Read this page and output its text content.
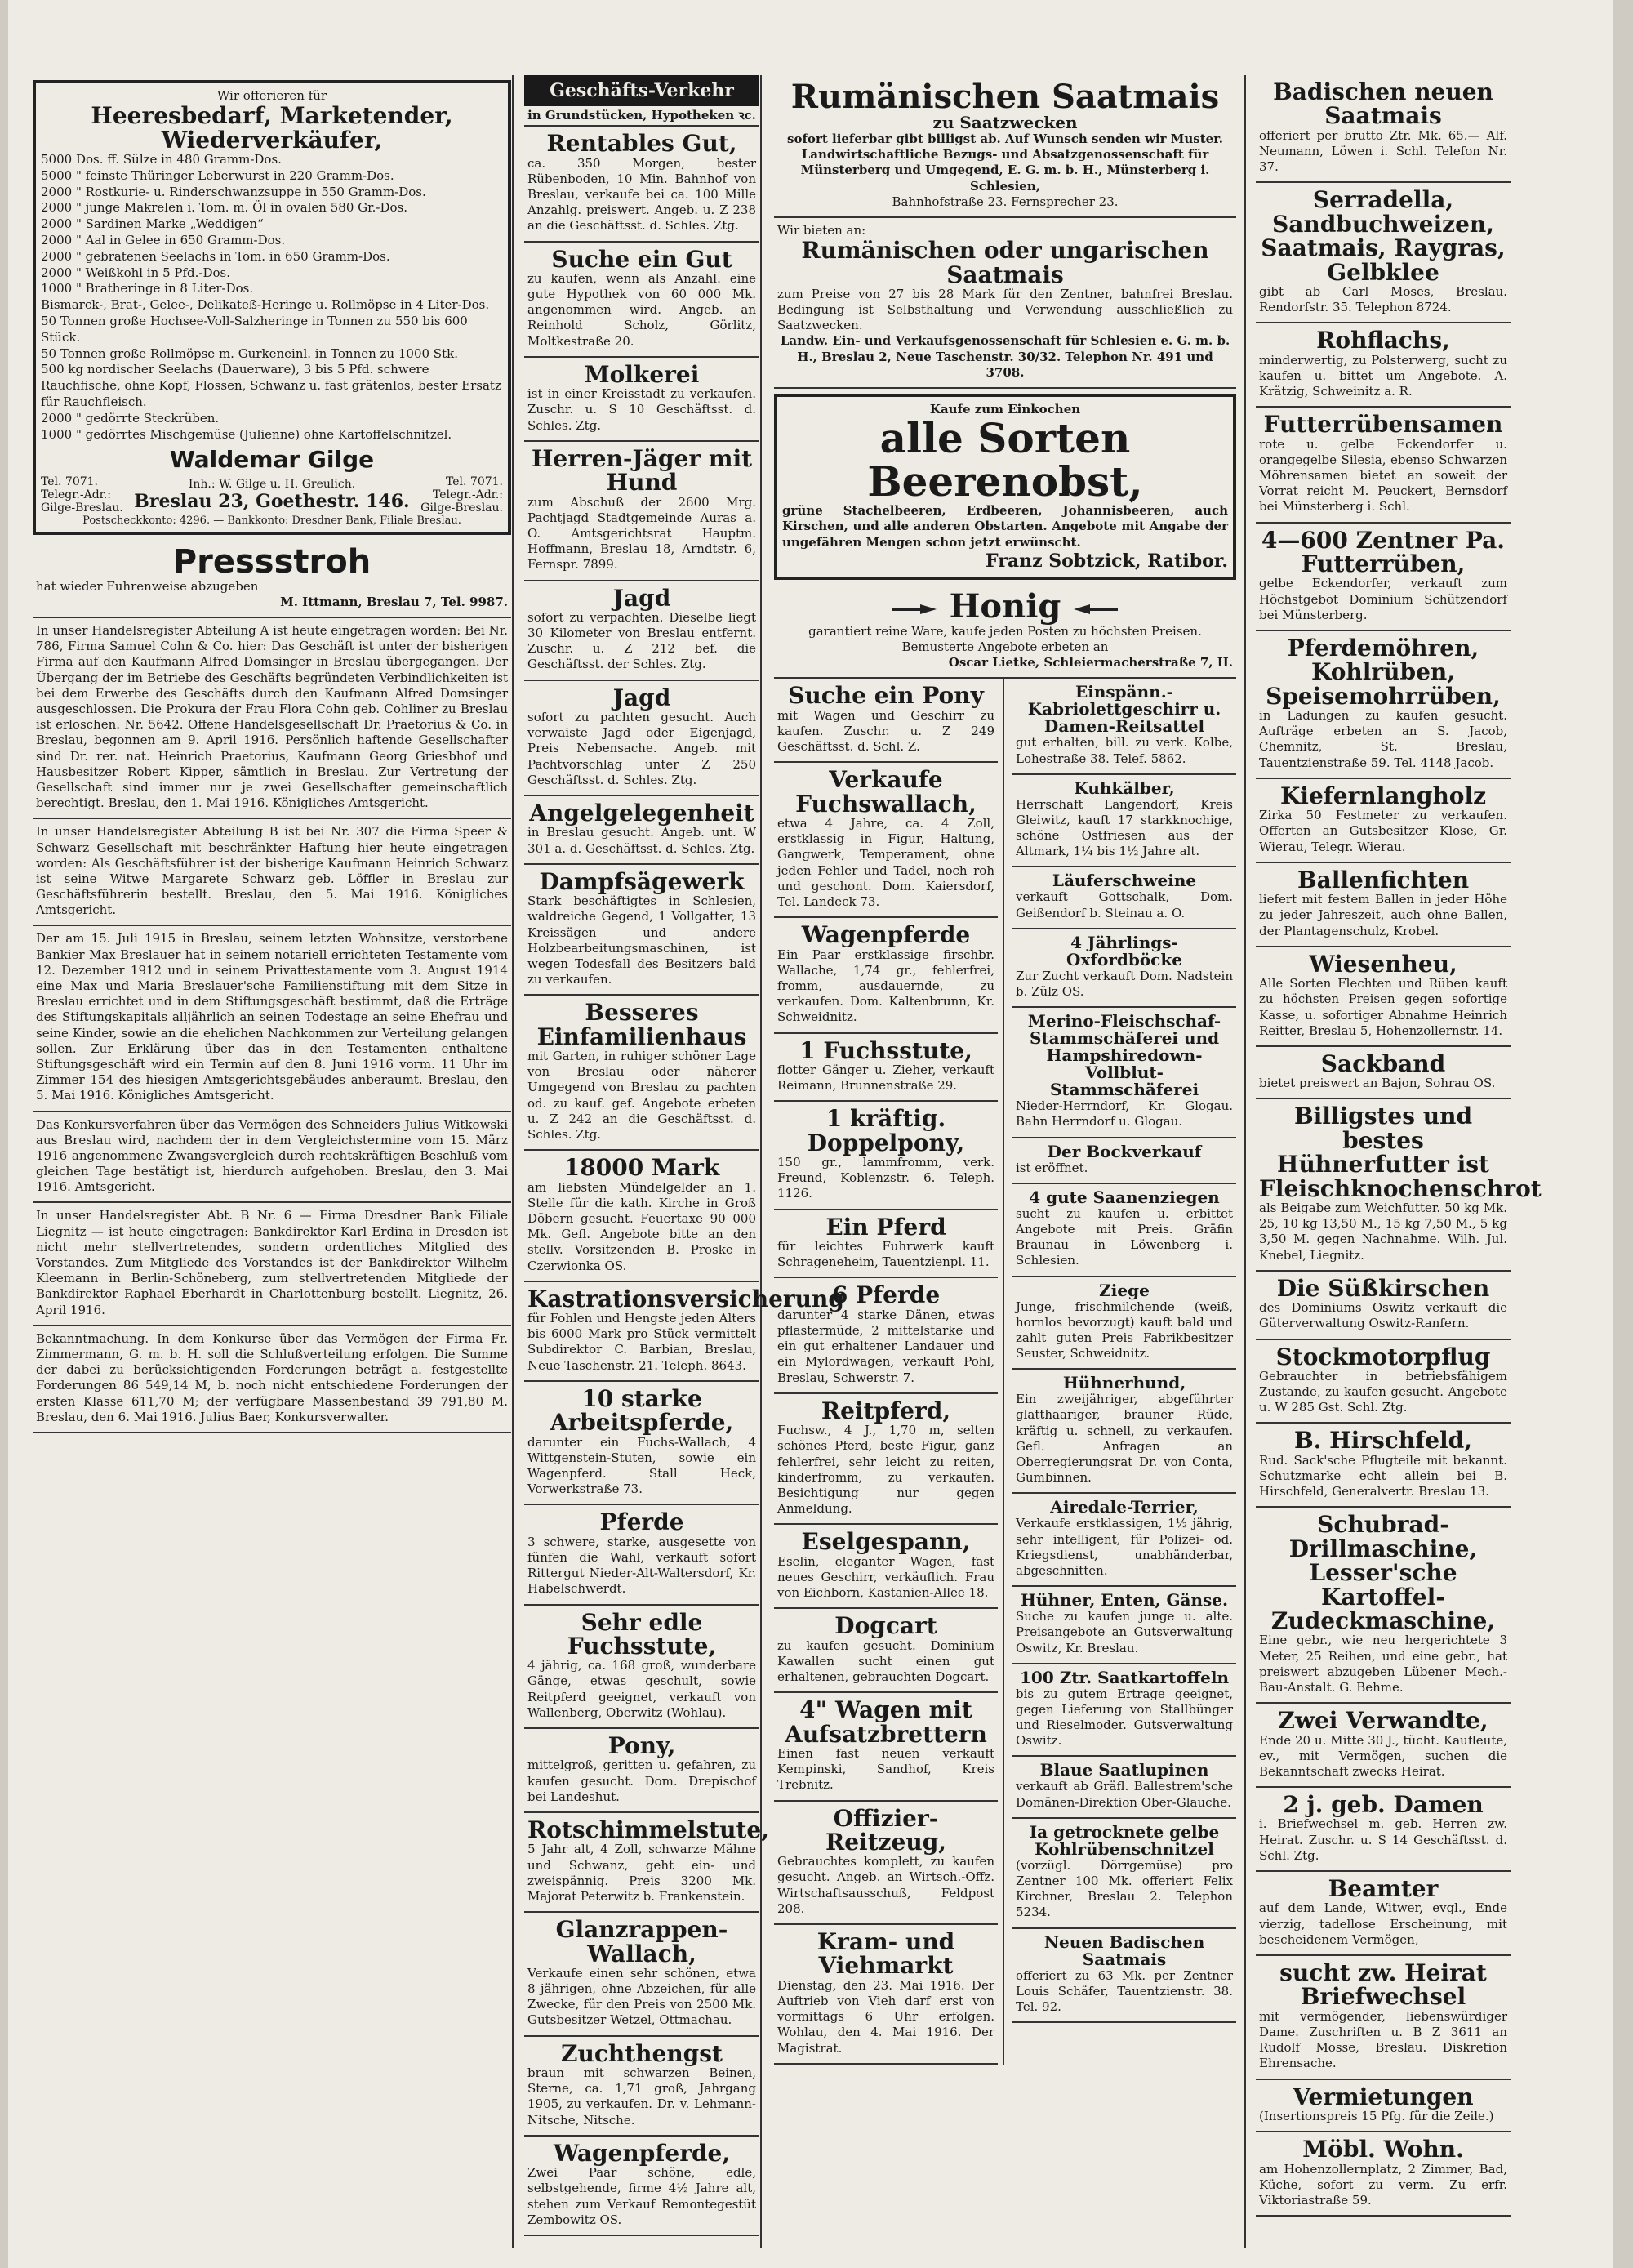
Wir offerieren für
Heeresbedarf, Marketender, Wiederverkäufer,
5000 Dos. ff. Sülze in 480 Gramm-Dos.
5000 " feinste Thüringer Leberwurst in 220 Gramm-Dos.
2000 " Rostkurie- u. Rinderschwanzsuppe in 550 Gramm-Dos.
2000 " junge Makrelen i. Tom. m. Öl in ovalen 580 Gr.-Dos.
2000 " Sardinen Marke „Weddigen“
2000 " Aal in Gelee in 650 Gramm-Dos.
2000 " gebratenen Seelachs in Tom. in 650 Gramm-Dos.
2000 " Weißkohl in 5 Pfd.-Dos.
1000 " Bratheringe in 8 Liter-Dos.
Bismarck-, Brat-, Gelee-, Delikateß-Heringe u. Rollmöpse in 4 Liter-Dos.
50 Tonnen große Hochsee-Voll-Salzheringe in Tonnen zu 550 bis 600 Stück.
50 Tonnen große Rollmöpse m. Gurkeneinl. in Tonnen zu 1000 Stk.
500 kg nordischer Seelachs (Dauerware), 3 bis 5 Pfd. schwere Rauchfische, ohne Kopf, Flossen, Schwanz u. fast grätenlos, bester Ersatz für Rauchfleisch.
2000 " gedörrte Steckrüben.
1000 " gedörrtes Mischgemüse (Julienne) ohne Kartoffelschnitzel.
Waldemar Gilge
Tel. 7071. Telegr.-Adr.: Gilge-Breslau.
Inh.: W. Gilge u. H. Greulich.
Breslau 23, Goethestr. 146.
Tel. 7071. Telegr.-Adr.: Gilge-Breslau.
Postscheckkonto: 4296. — Bankkonto: Dresdner Bank, Filiale Breslau.
Pressstroh
hat wieder Fuhrenweise abzugeben
M. Ittmann, Breslau 7, Tel. 9987.
In unser Handelsregister Abteilung A ist heute eingetragen worden: Bei Nr. 786, Firma Samuel Cohn & Co. hier: Das Geschäft ist unter der bisherigen Firma auf den Kaufmann Alfred Domsinger in Breslau übergegangen. Der Übergang der im Betriebe des Geschäfts begründeten Verbindlichkeiten ist bei dem Erwerbe des Geschäfts durch den Kaufmann Alfred Domsinger ausgeschlossen. Die Prokura der Frau Flora Cohn geb. Cohliner zu Breslau ist erloschen. Nr. 5642. Offene Handelsgesellschaft Dr. Praetorius & Co. in Breslau, begonnen am 9. April 1916. Persönlich haftende Gesellschafter sind Dr. rer. nat. Heinrich Praetorius, Kaufmann Georg Griesbhof und Hausbesitzer Robert Kipper, sämtlich in Breslau. Zur Vertretung der Gesellschaft sind immer nur je zwei Gesellschafter gemeinschaftlich berechtigt. Breslau, den 1. Mai 1916. Königliches Amtsgericht.
In unser Handelsregister Abteilung B ist bei Nr. 307 die Firma Speer & Schwarz Gesellschaft mit beschränkter Haftung hier heute eingetragen worden: Als Geschäftsführer ist der bisherige Kaufmann Heinrich Schwarz ist seine Witwe Margarete Schwarz geb. Löffler in Breslau zur Geschäftsführerin bestellt. Breslau, den 5. Mai 1916. Königliches Amtsgericht.
Der am 15. Juli 1915 in Breslau, seinem letzten Wohnsitze, verstorbene Bankier Max Breslauer hat in seinem notariell errichteten Testamente vom 12. Dezember 1912 und in seinem Privattestamente vom 3. August 1914 eine Max und Maria Breslauer'sche Familienstiftung mit dem Sitze in Breslau errichtet und in dem Stiftungsgeschäft bestimmt, daß die Erträge des Stiftungskapitals alljährlich an seinen Todestage an seine Ehefrau und seine Kinder, sowie an die ehelichen Nachkommen zur Verteilung gelangen sollen. Zur Erklärung über das in den Testamenten enthaltene Stiftungsgeschäft wird ein Termin auf den 8. Juni 1916 vorm. 11 Uhr im Zimmer 154 des hiesigen Amtsgerichtsgebäudes anberaumt. Breslau, den 5. Mai 1916. Königliches Amtsgericht.
Das Konkursverfahren über das Vermögen des Schneiders Julius Witkowski aus Breslau wird, nachdem der in dem Vergleichstermine vom 15. März 1916 angenommene Zwangsvergleich durch rechtskräftigen Beschluß vom gleichen Tage bestätigt ist, hierdurch aufgehoben. Breslau, den 3. Mai 1916. Amtsgericht.
In unser Handelsregister Abt. B Nr. 6 — Firma Dresdner Bank Filiale Liegnitz — ist heute eingetragen: Bankdirektor Karl Erdina in Dresden ist nicht mehr stellvertretendes, sondern ordentliches Mitglied des Vorstandes. Zum Mitgliede des Vorstandes ist der Bankdirektor Wilhelm Kleemann in Berlin-Schöneberg, zum stellvertretenden Mitgliede der Bankdirektor Raphael Eberhardt in Charlottenburg bestellt. Liegnitz, 26. April 1916.
Bekanntmachung. In dem Konkurse über das Vermögen der Firma Fr. Zimmermann, G. m. b. H. soll die Schlußverteilung erfolgen. Die Summe der dabei zu berücksichtigenden Forderungen beträgt a. festgestellte Forderungen 86 549,14 M, b. noch nicht entschiedene Forderungen der ersten Klasse 611,70 M; der verfügbare Massenbestand 39 791,80 M. Breslau, den 6. Mai 1916. Julius Baer, Konkursverwalter.
Geschäfts-Verkehr
in Grundstücken, Hypotheken ꝛc.
Rentables Gut,
ca. 350 Morgen, bester Rübenboden, 10 Min. Bahnhof von Breslau, verkaufe bei ca. 100 Mille Anzahlg. preiswert. Angeb. u. Z 238 an die Geschäftsst. d. Schles. Ztg.
Suche ein Gut
zu kaufen, wenn als Anzahl. eine gute Hypothek von 60 000 Mk. angenommen wird. Angeb. an Reinhold Scholz, Görlitz, Moltkestraße 20.
Molkerei
ist in einer Kreisstadt zu verkaufen. Zuschr. u. S 10 Geschäftsst. d. Schles. Ztg.
Herren-Jäger mit Hund
zum Abschuß der 2600 Mrg. Pachtjagd Stadtgemeinde Auras a. O. Amtsgerichtsrat Hauptm. Hoffmann, Breslau 18, Arndtstr. 6, Fernspr. 7899.
Jagd
sofort zu verpachten. Dieselbe liegt 30 Kilometer von Breslau entfernt. Zuschr. u. Z 212 bef. die Geschäftsst. der Schles. Ztg.
Jagd
sofort zu pachten gesucht. Auch verwaiste Jagd oder Eigenjagd, Preis Nebensache. Angeb. mit Pachtvorschlag unter Z 250 Geschäftsst. d. Schles. Ztg.
Angelgelegenheit
in Breslau gesucht. Angeb. unt. W 301 a. d. Geschäftsst. d. Schles. Ztg.
Dampfsägewerk
Stark beschäftigtes in Schlesien, waldreiche Gegend, 1 Vollgatter, 13 Kreissägen und andere Holzbearbeitungsmaschinen, ist wegen Todesfall des Besitzers bald zu verkaufen.
Besseres Einfamilienhaus
mit Garten, in ruhiger schöner Lage von Breslau oder näherer Umgegend von Breslau zu pachten od. zu kauf. gef. Angebote erbeten u. Z 242 an die Geschäftsst. d. Schles. Ztg.
18000 Mark
am liebsten Mündelgelder an 1. Stelle für die kath. Kirche in Groß Döbern gesucht. Feuertaxe 90 000 Mk. Gefl. Angebote bitte an den stellv. Vorsitzenden B. Proske in Czerwionka OS.
Kastrationsversicherung
für Fohlen und Hengste jeden Alters bis 6000 Mark pro Stück vermittelt Subdirektor C. Barbian, Breslau, Neue Taschenstr. 21. Teleph. 8643.
10 starke Arbeitspferde,
darunter ein Fuchs-Wallach, 4 Wittgenstein-Stuten, sowie ein Wagenpferd. Stall Heck, Vorwerkstraße 73.
Pferde
3 schwere, starke, ausgesette von fünfen die Wahl, verkauft sofort Rittergut Nieder-Alt-Waltersdorf, Kr. Habelschwerdt.
Sehr edle Fuchsstute,
4 jährig, ca. 168 groß, wunderbare Gänge, etwas geschult, sowie Reitpferd geeignet, verkauft von Wallenberg, Oberwitz (Wohlau).
Pony,
mittelgroß, geritten u. gefahren, zu kaufen gesucht. Dom. Drepischof bei Landeshut.
Rotschimmelstute,
5 Jahr alt, 4 Zoll, schwarze Mähne und Schwanz, geht ein- und zweispännig. Preis 3200 Mk. Majorat Peterwitz b. Frankenstein.
Glanzrappen-Wallach,
Verkaufe einen sehr schönen, etwa 8 jährigen, ohne Abzeichen, für alle Zwecke, für den Preis von 2500 Mk. Gutsbesitzer Wetzel, Ottmachau.
Zuchthengst
braun mit schwarzen Beinen, Sterne, ca. 1,71 groß, Jahrgang 1905, zu verkaufen. Dr. v. Lehmann-Nitsche, Nitsche.
Wagenpferde,
Zwei Paar schöne, edle, selbstgehende, firme 4½ Jahre alt, stehen zum Verkauf Remontegestüt Zembowitz OS.
Rumänischen Saatmais
zu Saatzwecken
sofort lieferbar gibt billigst ab. Auf Wunsch senden wir Muster.
Landwirtschaftliche Bezugs- und Absatzgenossenschaft für Münsterberg und Umgegend, E. G. m. b. H., Münsterberg i. Schlesien,
Bahnhofstraße 23. Fernsprecher 23.
Wir bieten an:
Rumänischen oder ungarischen Saatmais
zum Preise von 27 bis 28 Mark für den Zentner, bahnfrei Breslau. Bedingung ist Selbsthaltung und Verwendung ausschließlich zu Saatzwecken.
Landw. Ein- und Verkaufsgenossenschaft für Schlesien e. G. m. b. H., Breslau 2, Neue Taschenstr. 30/32. Telephon Nr. 491 und 3708.
Kaufe zum Einkochen
alle Sorten Beerenobst,
grüne Stachelbeeren, Erdbeeren, Johannisbeeren, auch Kirschen, und alle anderen Obstarten. Angebote mit Angabe der ungefähren Mengen schon jetzt erwünscht.
Franz Sobtzick, Ratibor.
Honig
garantiert reine Ware, kaufe jeden Posten zu höchsten Preisen. Bemusterte Angebote erbeten an
Oscar Lietke, Schleiermacherstraße 7, II.
Suche ein Pony
mit Wagen und Geschirr zu kaufen. Zuschr. u. Z 249 Geschäftsst. d. Schl. Z.
Verkaufe Fuchswallach,
etwa 4 Jahre, ca. 4 Zoll, erstklassig in Figur, Haltung, Gangwerk, Temperament, ohne jeden Fehler und Tadel, noch roh und geschont. Dom. Kaiersdorf, Tel. Landeck 73.
Wagenpferde
Ein Paar erstklassige firschbr. Wallache, 1,74 gr., fehlerfrei, fromm, ausdauernde, zu verkaufen. Dom. Kaltenbrunn, Kr. Schweidnitz.
1 Fuchsstute,
flotter Gänger u. Zieher, verkauft Reimann, Brunnenstraße 29.
1 kräftig. Doppelpony,
150 gr., lammfromm, verk. Freund, Koblenzstr. 6. Teleph. 1126.
Ein Pferd
für leichtes Fuhrwerk kauft Schrageneheim, Tauentzienpl. 11.
6 Pferde
darunter 4 starke Dänen, etwas pflastermüde, 2 mittelstarke und ein gut erhaltener Landauer und ein Mylordwagen, verkauft Pohl, Breslau, Schwerstr. 7.
Reitpferd,
Fuchsw., 4 J., 1,70 m, selten schönes Pferd, beste Figur, ganz fehlerfrei, sehr leicht zu reiten, kinderfromm, zu verkaufen. Besichtigung nur gegen Anmeldung.
Eselgespann,
Eselin, eleganter Wagen, fast neues Geschirr, verkäuflich. Frau von Eichborn, Kastanien-Allee 18.
Dogcart
zu kaufen gesucht. Dominium Kawallen sucht einen gut erhaltenen, gebrauchten Dogcart.
4" Wagen mit Aufsatzbrettern
Einen fast neuen verkauft Kempinski, Sandhof, Kreis Trebnitz.
Offizier-Reitzeug,
Gebrauchtes komplett, zu kaufen gesucht. Angeb. an Wirtsch.-Offz. Wirtschaftsausschuß, Feldpost 208.
Kram- und Viehmarkt
Dienstag, den 23. Mai 1916. Der Auftrieb von Vieh darf erst von vormittags 6 Uhr erfolgen. Wohlau, den 4. Mai 1916. Der Magistrat.
Einspänn.-Kabriolettgeschirr u. Damen-Reitsattel
gut erhalten, bill. zu verk. Kolbe, Lohestraße 38. Telef. 5862.
Kuhkälber,
Herrschaft Langendorf, Kreis Gleiwitz, kauft 17 starkknochige, schöne Ostfriesen aus der Altmark, 1¼ bis 1½ Jahre alt.
Läuferschweine
verkauft Gottschalk, Dom. Geißendorf b. Steinau a. O.
4 Jährlings-Oxfordböcke
Zur Zucht verkauft Dom. Nadstein b. Zülz OS.
Merino-Fleischschaf-Stammschäferei und Hampshiredown-Vollblut-Stammschäferei
Nieder-Herrndorf, Kr. Glogau. Bahn Herrndorf u. Glogau.
Der Bockverkauf
ist eröffnet.
4 gute Saanenziegen
sucht zu kaufen u. erbittet Angebote mit Preis. Gräfin Braunau in Löwenberg i. Schlesien.
Ziege
Junge, frischmilchende (weiß, hornlos bevorzugt) kauft bald und zahlt guten Preis Fabrikbesitzer Seuster, Schweidnitz.
Hühnerhund,
Ein zweijähriger, abgeführter glatthaariger, brauner Rüde, kräftig u. schnell, zu verkaufen. Gefl. Anfragen an Oberregierungsrat Dr. von Conta, Gumbinnen.
Airedale-Terrier,
Verkaufe erstklassigen, 1½ jährig, sehr intelligent, für Polizei- od. Kriegsdienst, unabhänderbar, abgeschnitten.
Hühner, Enten, Gänse.
Suche zu kaufen junge u. alte. Preisangebote an Gutsverwaltung Oswitz, Kr. Breslau.
100 Ztr. Saatkartoffeln
bis zu gutem Ertrage geeignet, gegen Lieferung von Stallbünger und Rieselmoder. Gutsverwaltung Oswitz.
Blaue Saatlupinen
verkauft ab Gräfl. Ballestrem'sche Domänen-Direktion Ober-Glauche.
Ia getrocknete gelbe Kohlrübenschnitzel
(vorzügl. Dörrgemüse) pro Zentner 100 Mk. offeriert Felix Kirchner, Breslau 2. Telephon 5234.
Neuen Badischen Saatmais
offeriert zu 63 Mk. per Zentner Louis Schäfer, Tauentzienstr. 38. Tel. 92.
Badischen neuen Saatmais
offeriert per brutto Ztr. Mk. 65.— Alf. Neumann, Löwen i. Schl. Telefon Nr. 37.
Serradella, Sandbuchweizen, Saatmais, Raygras, Gelbklee
gibt ab Carl Moses, Breslau. Rendorfstr. 35. Telephon 8724.
Rohflachs,
minderwertig, zu Polsterwerg, sucht zu kaufen u. bittet um Angebote. A. Krätzig, Schweinitz a. R.
Futterrübensamen
rote u. gelbe Eckendorfer u. orangegelbe Silesia, ebenso Schwarzen Möhrensamen bietet an soweit der Vorrat reicht M. Peuckert, Bernsdorf bei Münsterberg i. Schl.
4—600 Zentner Pa. Futterrüben,
gelbe Eckendorfer, verkauft zum Höchstgebot Dominium Schützendorf bei Münsterberg.
Pferdemöhren, Kohlrüben, Speisemohrrüben,
in Ladungen zu kaufen gesucht. Aufträge erbeten an S. Jacob, Chemnitz, St. Breslau, Tauentzienstraße 59. Tel. 4148 Jacob.
Kiefernlangholz
Zirka 50 Festmeter zu verkaufen. Offerten an Gutsbesitzer Klose, Gr. Wierau, Telegr. Wierau.
Ballenfichten
liefert mit festem Ballen in jeder Höhe zu jeder Jahreszeit, auch ohne Ballen, der Plantagenschulz, Krobel.
Wiesenheu,
Alle Sorten Flechten und Rüben kauft zu höchsten Preisen gegen sofortige Kasse, u. sofortiger Abnahme Heinrich Reitter, Breslau 5, Hohenzollernstr. 14.
Sackband
bietet preiswert an Bajon, Sohrau OS.
Billigstes und bestes Hühnerfutter ist Fleischknochenschrot
als Beigabe zum Weichfutter. 50 kg Mk. 25, 10 kg 13,50 M., 15 kg 7,50 M., 5 kg 3,50 M. gegen Nachnahme. Wilh. Jul. Knebel, Liegnitz.
Die Süßkirschen
des Dominiums Oswitz verkauft die Güterverwaltung Oswitz-Ranfern.
Stockmotorpflug
Gebrauchter in betriebsfähigem Zustande, zu kaufen gesucht. Angebote u. W 285 Gst. Schl. Ztg.
B. Hirschfeld,
Rud. Sack'sche Pflugteile mit bekannt. Schutzmarke echt allein bei B. Hirschfeld, Generalvertr. Breslau 13.
Schubrad-Drillmaschine, Lesser'sche Kartoffel-Zudeckmaschine,
Eine gebr., wie neu hergerichtete 3 Meter, 25 Reihen, und eine gebr., hat preiswert abzugeben Lübener Mech.-Bau-Anstalt. G. Behme.
Zwei Verwandte,
Ende 20 u. Mitte 30 J., tücht. Kaufleute, ev., mit Vermögen, suchen die Bekanntschaft zwecks Heirat.
2 j. geb. Damen
i. Briefwechsel m. geb. Herren zw. Heirat. Zuschr. u. S 14 Geschäftsst. d. Schl. Ztg.
Beamter
auf dem Lande, Witwer, evgl., Ende vierzig, tadellose Erscheinung, mit bescheidenem Vermögen,
sucht zw. Heirat Briefwechsel
mit vermögender, liebenswürdiger Dame. Zuschriften u. B Z 3611 an Rudolf Mosse, Breslau. Diskretion Ehrensache.
Vermietungen
(Insertionspreis 15 Pfg. für die Zeile.)
Möbl. Wohn.
am Hohenzollernplatz, 2 Zimmer, Bad, Küche, sofort zu verm. Zu erfr. Viktoriastraße 59.
